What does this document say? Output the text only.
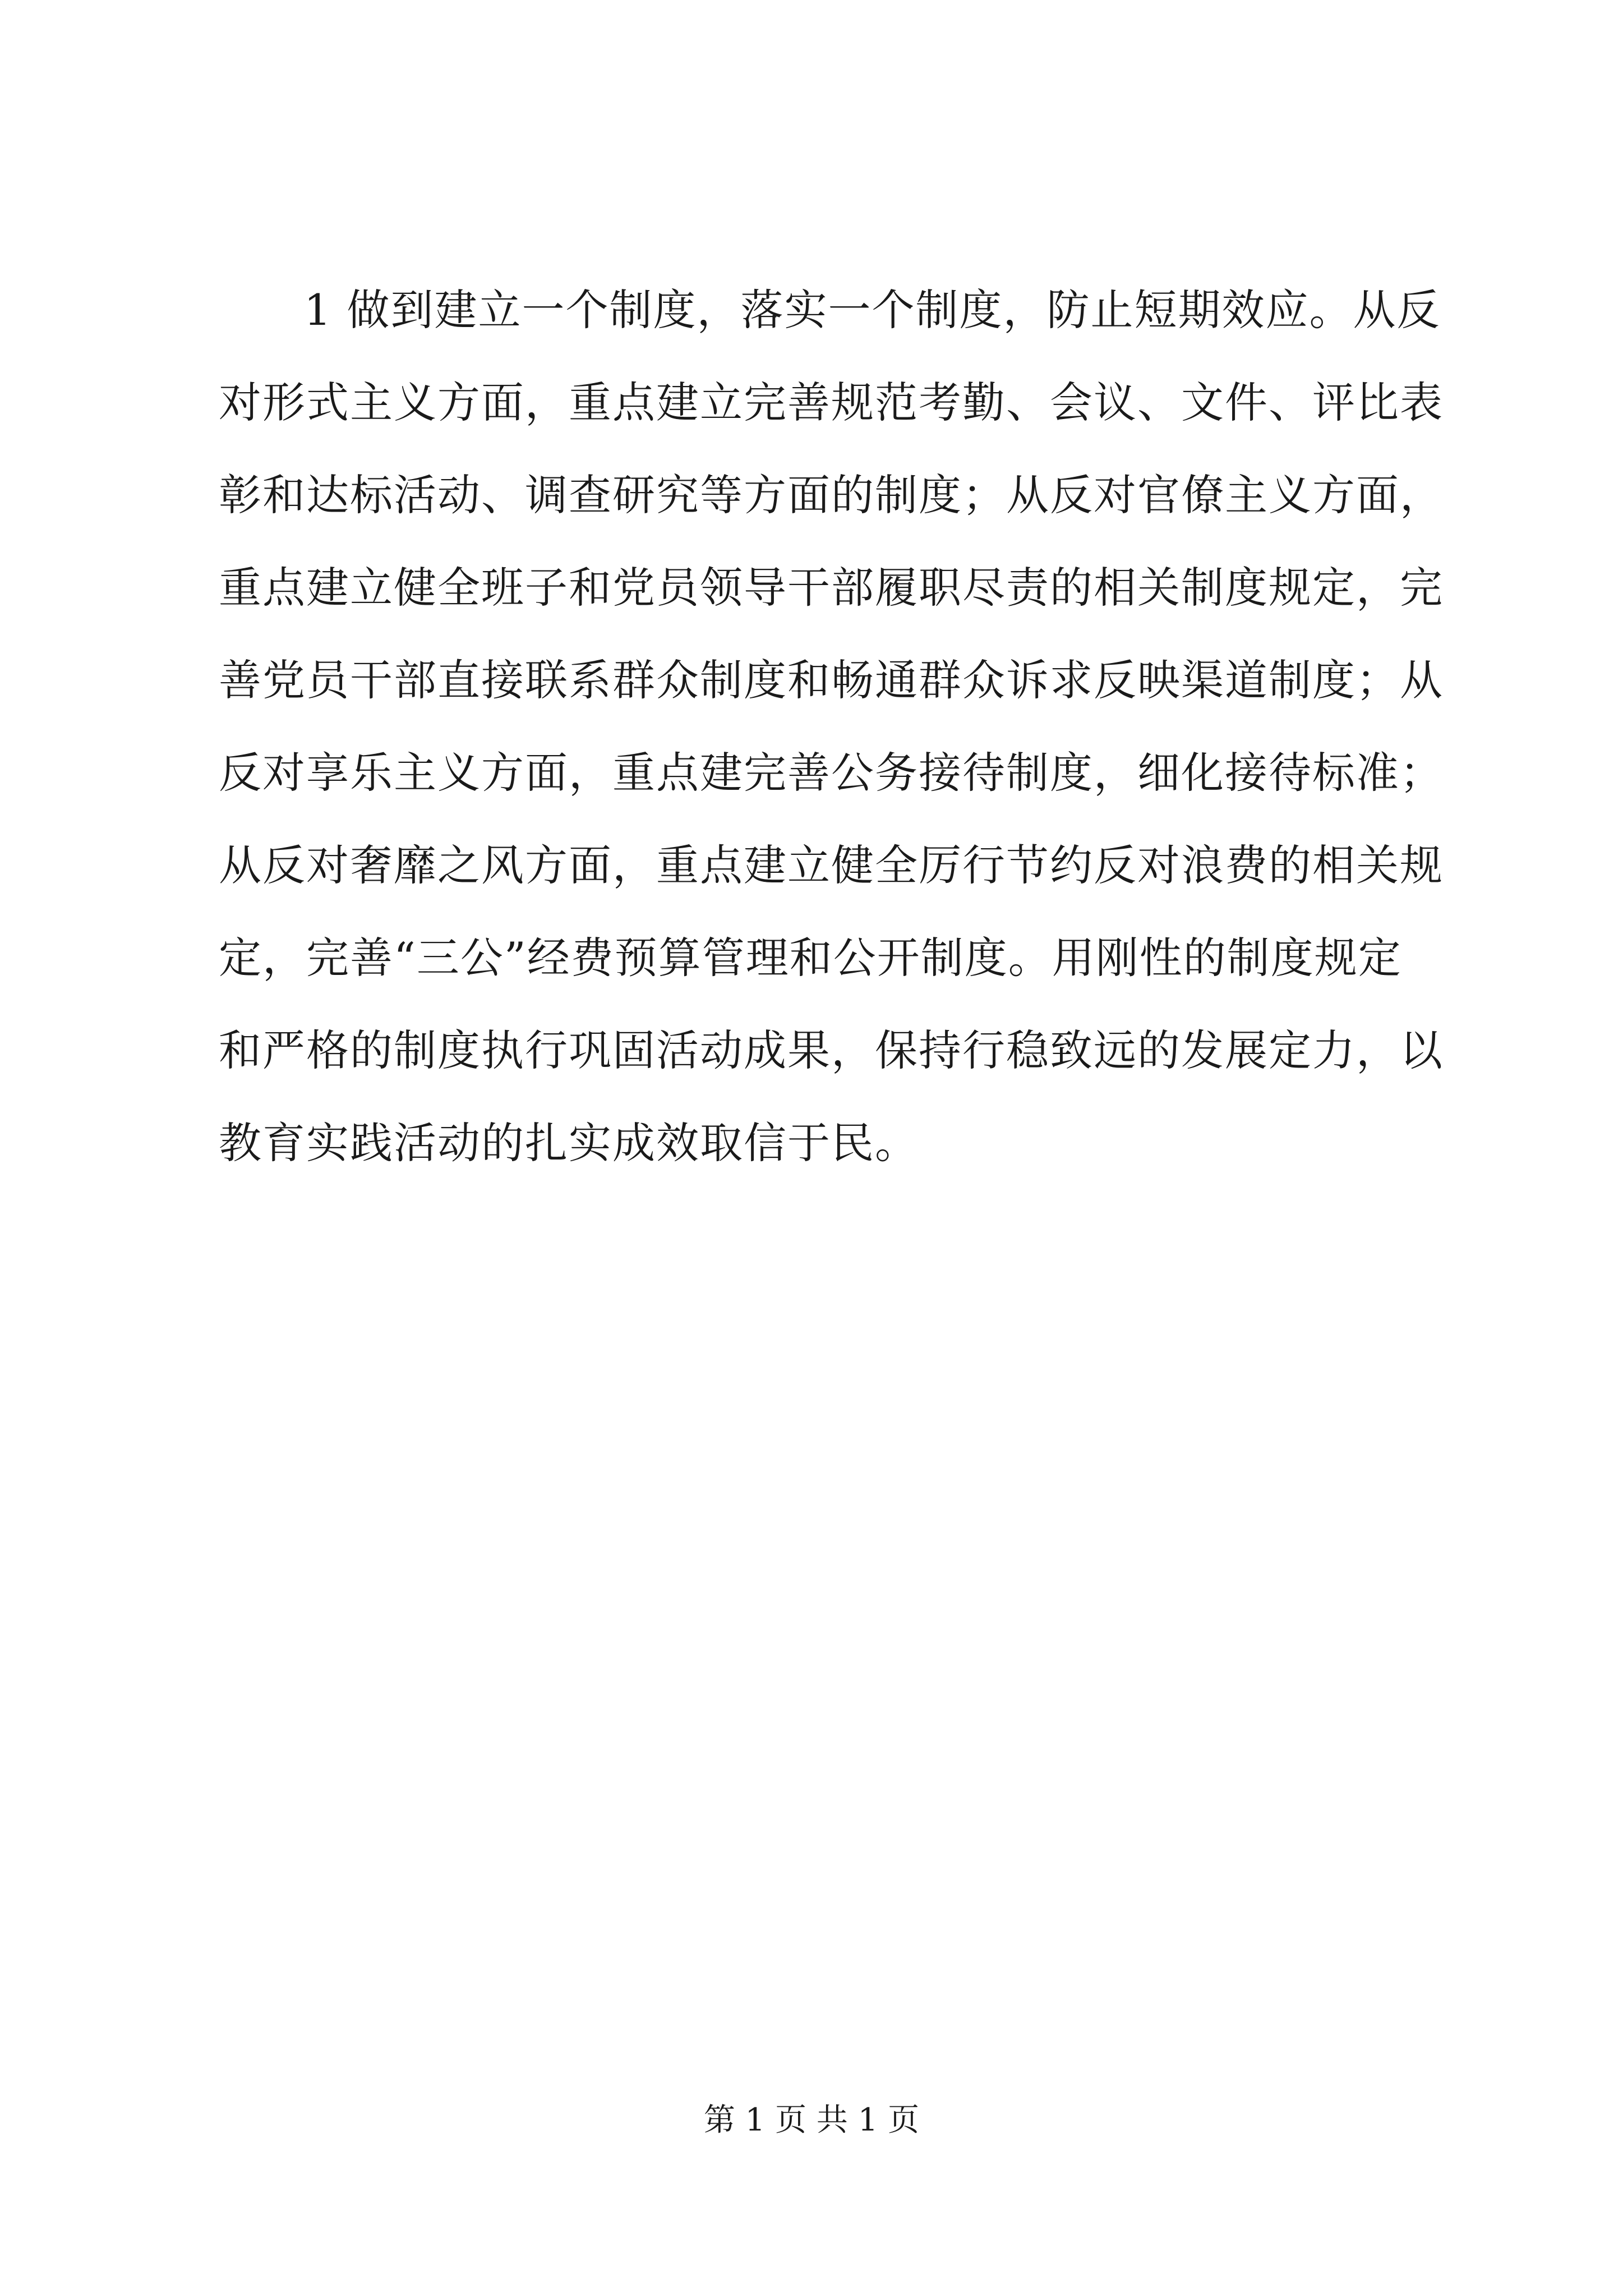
1 做到建立一个制度，落实一个制度，防止短期效应。从反
对形式主义方面，重点建立完善规范考勤、会议、文件、评比表
彰和达标活动、调查研究等方面的制度；从反对官僚主义方面，
重点建立健全班子和党员领导干部履职尽责的相关制度规定，完
善党员干部直接联系群众制度和畅通群众诉求反映渠道制度；从
反对享乐主义方面，重点建完善公务接待制度，细化接待标准；
从反对奢靡之风方面，重点建立健全厉行节约反对浪费的相关规
定，完善“三公”经费预算管理和公开制度。用刚性的制度规定
和严格的制度执行巩固活动成果，保持行稳致远的发展定力，以
教育实践活动的扎实成效取信于民。
第 1 页 共 1 页
